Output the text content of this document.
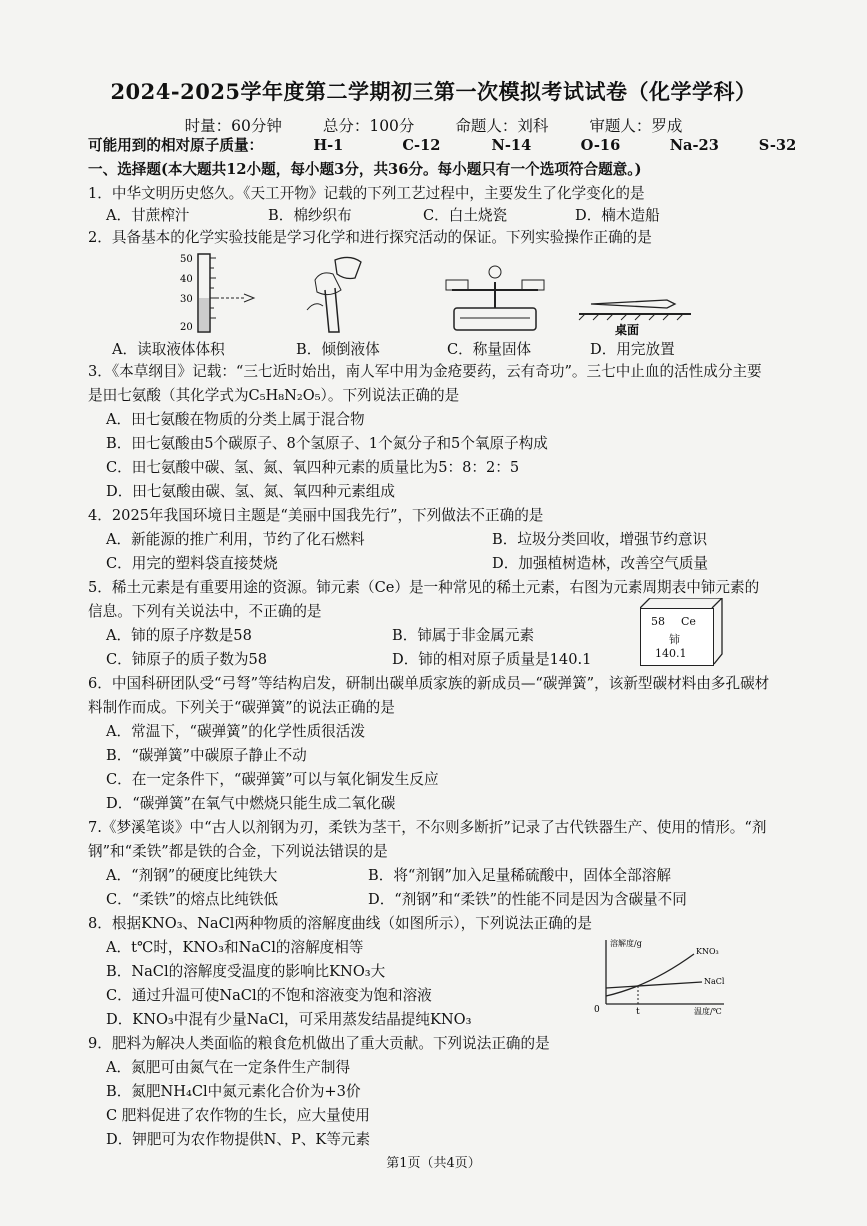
2024-2025学年度第二学期初三第一次模拟考试试卷（化学学科）
时量：60分钟	总分：100分	命题人：刘科	审题人：罗成
可能用到的相对原子质量：	H-1	C-12	N-14	O-16	Na-23	S-32
一、选择题(本大题共12小题，每小题3分，共36分。每小题只有一个选项符合题意。)
1．中华文明历史悠久。《天工开物》记载的下列工艺过程中，主要发生了化学变化的是
A．甘蔗榨汁	B．棉纱织布	C．白土烧瓷	D．楠木造船
2．具备基本的化学实验技能是学习化学和进行探究活动的保证。下列实验操作正确的是
50
40
30
20	桌面
A．读取液体体积	B．倾倒液体	C．称量固体	D．用完放置
3．《本草纲目》记载：“三七近时始出，南人军中用为金疮要药，云有奇功”。三七中止血的活性成分主要
是田七氨酸（其化学式为C₅H₈N₂O₅）。下列说法正确的是
A．田七氨酸在物质的分类上属于混合物
B．田七氨酸由5个碳原子、8个氢原子、1个氮分子和5个氧原子构成
C．田七氨酸中碳、氢、氮、氧四种元素的质量比为5：8：2：5
D．田七氨酸由碳、氢、氮、氧四种元素组成
4．2025年我国环境日主题是“美丽中国我先行”，下列做法不正确的是
A．新能源的推广利用，节约了化石燃料	B．垃圾分类回收，增强节约意识
C．用完的塑料袋直接焚烧	D．加强植树造林，改善空气质量
5．稀土元素是有重要用途的资源。铈元素（Ce）是一种常见的稀土元素，右图为元素周期表中铈元素的
信息。下列有关说法中，不正确的是
A．铈的原子序数是58	B．铈属于非金属元素
C．铈原子的质子数为58	D．铈的相对原子质量是140.1
58 Ce
铈
140.1
6．中国科研团队受“弓弩”等结构启发，研制出碳单质家族的新成员—“碳弹簧”，该新型碳材料由多孔碳材
料制作而成。下列关于“碳弹簧”的说法正确的是
A．常温下，“碳弹簧”的化学性质很活泼
B．“碳弹簧”中碳原子静止不动
C．在一定条件下，“碳弹簧”可以与氧化铜发生反应
D．“碳弹簧”在氧气中燃烧只能生成二氧化碳
7.《梦溪笔谈》中“古人以剂钢为刃，柔铁为茎干，不尔则多断折”记录了古代铁器生产、使用的情形。“剂
钢”和“柔铁”都是铁的合金，下列说法错误的是
A．“剂钢”的硬度比纯铁大	B．将“剂钢”加入足量稀硫酸中，固体全部溶解
C．“柔铁”的熔点比纯铁低	D．“剂钢”和“柔铁”的性能不同是因为含碳量不同
8．根据KNO₃、NaCl两种物质的溶解度曲线（如图所示），下列说法正确的是
A．t℃时，KNO₃和NaCl的溶解度相等
B．NaCl的溶解度受温度的影响比KNO₃大
C．通过升温可使NaCl的不饱和溶液变为饱和溶液
D．KNO₃中混有少量NaCl，可采用蒸发结晶提纯KNO₃
溶解度/g
温度/℃
0	t
KNO₃
NaCl
9．肥料为解决人类面临的粮食危机做出了重大贡献。下列说法正确的是
A．氮肥可由氮气在一定条件生产制得
B．氮肥NH₄Cl中氮元素化合价为+3价
C 肥料促进了农作物的生长，应大量使用
D．钾肥可为农作物提供N、P、K等元素
第1页（共4页）
